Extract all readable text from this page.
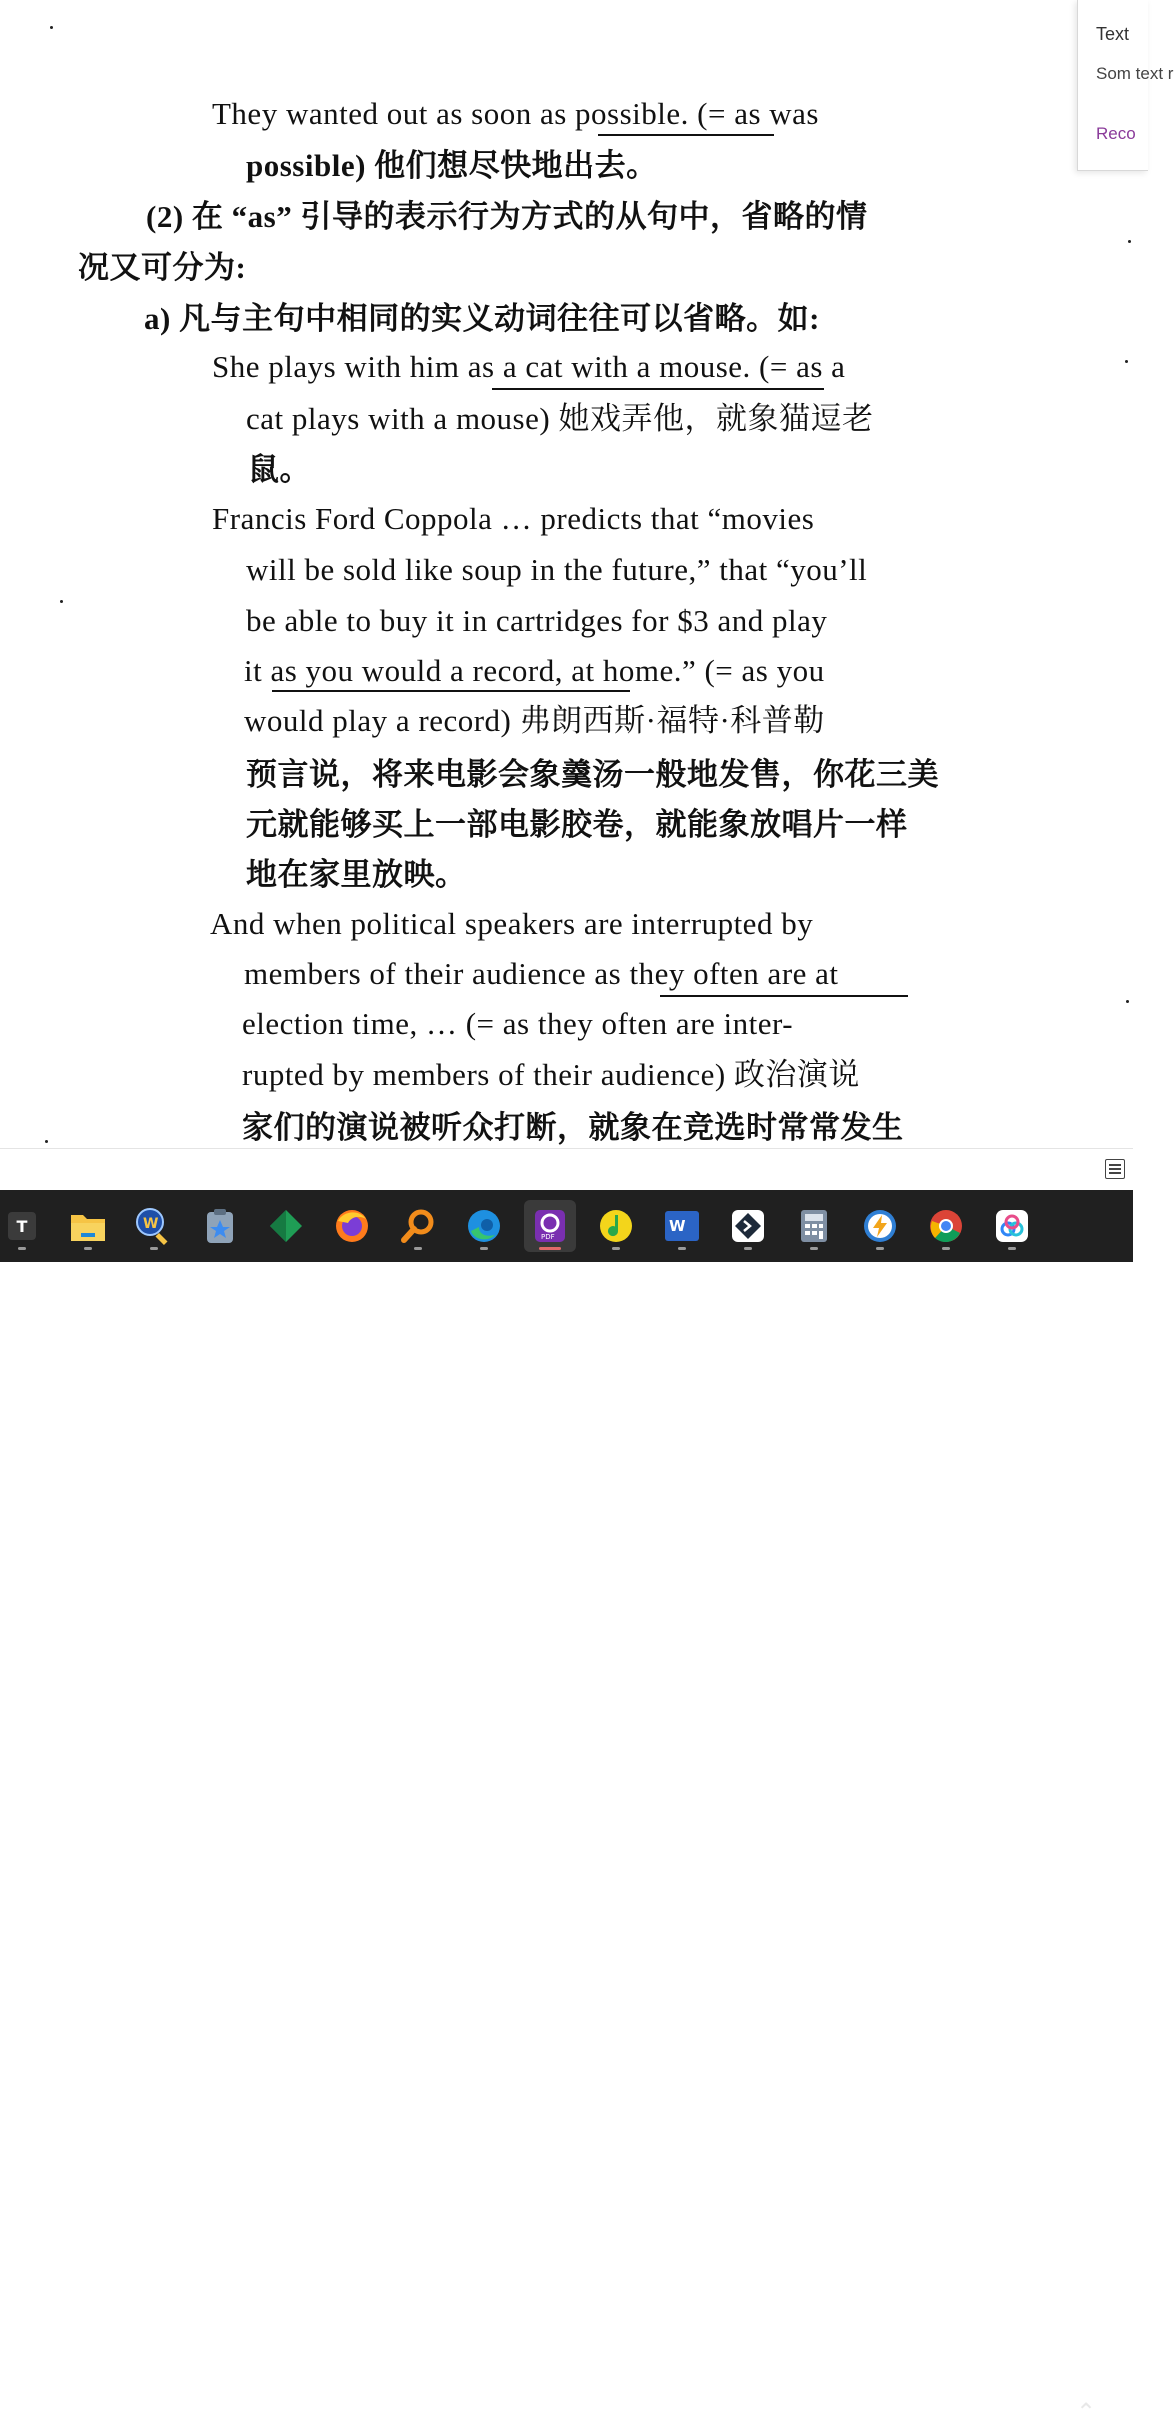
They wanted out as soon as possible. (= as was
possible) 他们想尽快地出去。
(2) 在 “as” 引导的表示行为方式的从句中，省略的情
况又可分为:
a) 凡与主句中相同的实义动词往往可以省略。如:
She plays with him as a cat with a mouse. (= as a
cat plays with a mouse) 她戏弄他，就象猫逗老
鼠。
Francis Ford Coppola … predicts that “movies
will be sold like soup in the future,” that “you’ll
be able to buy it in cartridges for $3 and play
it as you would a record, at home.” (= as you
would play a record) 弗朗西斯·福特·科普勒
预言说，将来电影会象羹汤一般地发售，你花三美
元就能够买上一部电影胶卷，就能象放唱片一样
地在家里放映。
And when political speakers are interrupted by
members of their audience as they often are at
election time, … (= as they often are inter-
rupted by members of their audience) 政治演说
家们的演说被听众打断，就象在竞选时常常发生
Text
Som text r
Reco
T	W
PDF
W
⌃
